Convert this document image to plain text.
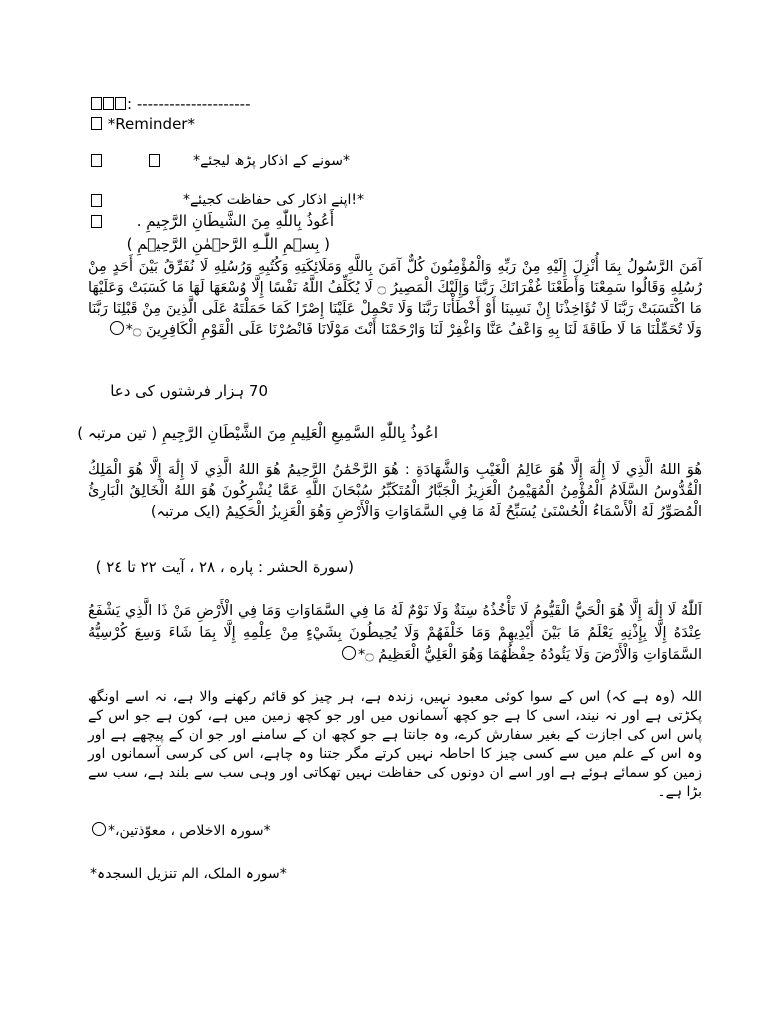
: ---------------------
*Reminder*
*سونے کے اذکار پڑھ لیجئے*
*!اپنے اذکار کی حفاظت کجیئے*
أَعُوذُ بِاللّٰهِ مِنَ الشَّیطَانِ الرَّجِیمِ .
( بِسۡمِ اللّٰـهِ الرَّحۡمٰنِ الرَّحِيۡمِ )
آمَنَ الرَّسُولُ بِمَا أُنْزِلَ إِلَيْهِ مِنْ رَبِّهِ وَالْمُؤْمِنُونَ كُلٌّ آمَنَ بِاللَّهِ وَمَلَائِكَتِهِ وَكُتُبِهِ وَرُسُلِهِ لَا نُفَرِّقُ بَيْنَ أَحَدٍ مِنْ رُسُلِهِ وَقَالُوا سَمِعْنَا وَأَطَعْنَا غُفْرَانَكَ رَبَّنَا وَإِلَيْكَ الْمَصِيرُ ۝ لَا يُكَلِّفُ اللَّهُ نَفْسًا إِلَّا وُسْعَهَا لَهَا مَا كَسَبَتْ وَعَلَيْهَا مَا اكْتَسَبَتْ رَبَّنَا لَا تُؤَاخِذْنَا إِنْ نَسِينَا أَوْ أَخْطَأْنَا رَبَّنَا وَلَا تَحْمِلْ عَلَيْنَا إِصْرًا كَمَا حَمَلْتَهُ عَلَى الَّذِينَ مِنْ قَبْلِنَا رَبَّنَا وَلَا تُحَمِّلْنَا مَا لَا طَاقَةَ لَنَا بِهِ وَاعْفُ عَنَّا وَاغْفِرْ لَنَا وَارْحَمْنَا أَنْتَ مَوْلَانَا فَانْصُرْنَا عَلَى الْقَوْمِ الْكَافِرِينَ ۝*
70 ہزار فرشتوں کی دعا
اعُوذُ بِاللّٰهِ السَّمِيعِ الْعَلِيمِ مِنَ الشَّيْطَانِ الرَّجِيمِ ( تین مرتبہ )
هُوَ اللهُ الَّذِي لَا إِلَٰهَ إِلَّا هُوَ عَالِمُ الْغَيْبِ وَالشَّهَادَةِ : هُوَ الرَّحْمَٰنُ الرَّحِيمُ هُوَ اللهُ الَّذِي لَا إِلَٰهَ إِلَّا هُوَ الْمَلِكُ الْقُدُّوسُ السَّلَامُ الْمُؤْمِنُ الْمُهَيْمِنُ الْعَزِيزُ الْجَبَّارُ الْمُتَكَبِّرُ سُبْحَانَ اللَّهِ عَمَّا يُشْرِكُونَ هُوَ اللهُ الْخَالِقُ الْبَارِئُ الْمُصَوِّرُ لَهُ الْأَسْمَاءُ الْحُسْنَىٰ يُسَبِّحُ لَهُ مَا فِي السَّمَاوَاتِ وَالْأَرْضِ وَهُوَ الْعَزِيزُ الْحَكِيمُ (ایک مرتبہ)
(سورة الحشر : پاره ، ٢٨ ، آیت ٢٢ تا ٢٤ )
اَللّٰهُ لَا إِلَٰهَ إِلَّا هُوَ الْحَيُّ الْقَيُّومُ لَا تَأْخُذُهُ سِنَةٌ وَلَا نَوْمٌ لَهُ مَا فِي السَّمَاوَاتِ وَمَا فِي الْأَرْضِ مَنْ ذَا الَّذِي يَشْفَعُ عِنْدَهُ إِلَّا بِإِذْنِهِ يَعْلَمُ مَا بَيْنَ أَيْدِيهِمْ وَمَا خَلْفَهُمْ وَلَا يُحِيطُونَ بِشَيْءٍ مِنْ عِلْمِهِ إِلَّا بِمَا شَاءَ وَسِعَ كُرْسِيُّهُ السَّمَاوَاتِ وَالْأَرْضَ وَلَا يَئُودُهُ حِفْظُهُمَا وَهُوَ الْعَلِيُّ الْعَظِيمُ ۝*
اللہ (وہ ہے کہ) اس کے سوا کوئی معبود نہیں، زندہ ہے، ہر چیز کو قائم رکھنے والا ہے، نہ اسے اونگھ پکڑتی ہے اور نہ نیند، اسی کا ہے جو کچھ آسمانوں میں اور جو کچھ زمین میں ہے، کون ہے جو اس کے پاس اس کی اجازت کے بغیر سفارش کرے، وہ جانتا ہے جو کچھ ان کے سامنے اور جو ان کے پیچھے ہے اور وہ اس کے علم میں سے کسی چیز کا احاطہ نہیں کرتے مگر جتنا وہ چاہے، اس کی کرسی آسمانوں اور زمین کو سمائے ہوئے ہے اور اسے ان دونوں کی حفاظت نہیں تھکاتی اور وہی سب سے بلند ہے، سب سے بڑا ہے۔
*سورہ الاخلاص ، معوّذتین،*
*سورہ الملک، الم تنزیل السجدہ*
